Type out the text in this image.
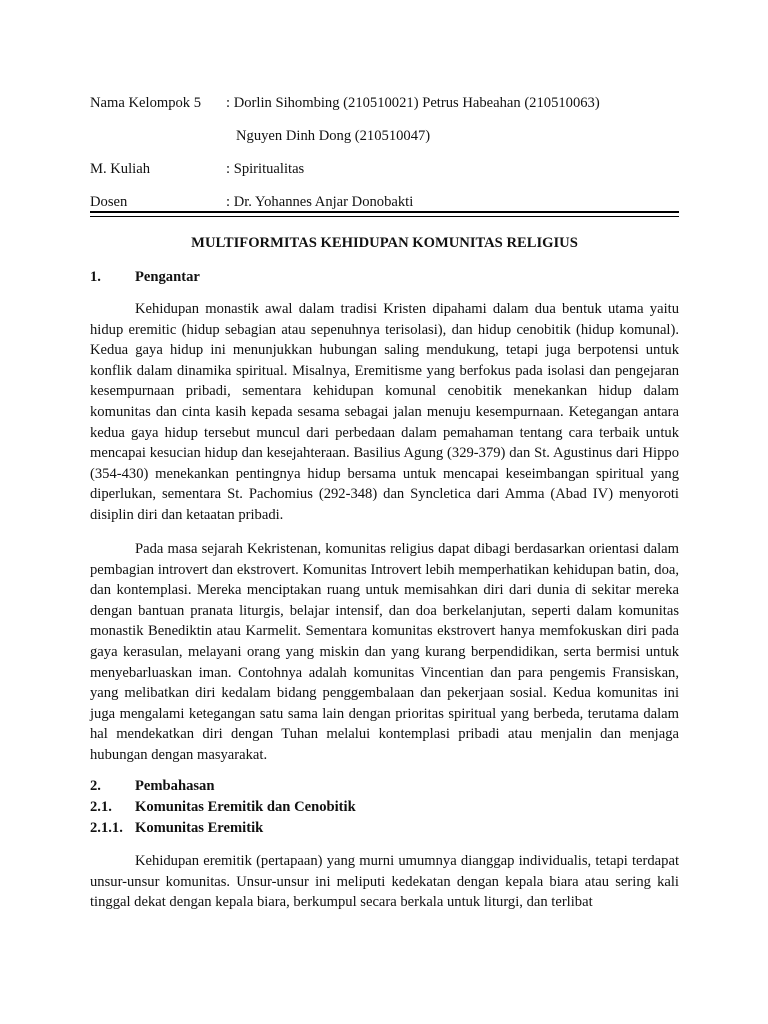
Nama Kelompok 5 : Dorlin Sihombing (210510021) Petrus Habeahan (210510063)
Nguyen Dinh Dong (210510047)
M. Kuliah	: Spiritualitas
Dosen	: Dr. Yohannes Anjar Donobakti
MULTIFORMITAS KEHIDUPAN KOMUNITAS RELIGIUS
1. Pengantar

Kehidupan monastik awal dalam tradisi Kristen dipahami dalam dua bentuk utama yaitu hidup eremitic (hidup sebagian atau sepenuhnya terisolasi), dan hidup cenobitik (hidup komunal). Kedua gaya hidup ini menunjukkan hubungan saling mendukung, tetapi juga berpotensi untuk konflik dalam dinamika spiritual. Misalnya, Eremitisme yang berfokus pada isolasi dan pengejaran kesempurnaan pribadi, sementara kehidupan komunal cenobitik menekankan hidup dalam komunitas dan cinta kasih kepada sesama sebagai jalan menuju kesempurnaan. Ketegangan antara kedua gaya hidup tersebut muncul dari perbedaan dalam pemahaman tentang cara terbaik untuk mencapai kesucian hidup dan kesejahteraan. Basilius Agung (329-379) dan St. Agustinus dari Hippo (354-430) menekankan pentingnya hidup bersama untuk mencapai keseimbangan spiritual yang diperlukan, sementara St. Pachomius (292-348) dan Syncletica dari Amma (Abad IV) menyoroti disiplin diri dan ketaatan pribadi.

Pada masa sejarah Kekristenan, komunitas religius dapat dibagi berdasarkan orientasi dalam pembagian introvert dan ekstrovert. Komunitas Introvert lebih memperhatikan kehidupan batin, doa, dan kontemplasi. Mereka menciptakan ruang untuk memisahkan diri dari dunia di sekitar mereka dengan bantuan pranata liturgis, belajar intensif, dan doa berkelanjutan, seperti dalam komunitas monastik Benediktin atau Karmelit. Sementara komunitas ekstrovert hanya memfokuskan diri pada gaya kerasulan, melayani orang yang miskin dan yang kurang berpendidikan, serta bermisi untuk menyebarluaskan iman. Contohnya adalah komunitas Vincentian dan para pengemis Fransiskan, yang melibatkan diri kedalam bidang penggembalaan dan pekerjaan sosial. Kedua komunitas ini juga mengalami ketegangan satu sama lain dengan prioritas spiritual yang berbeda, terutama dalam hal mendekatkan diri dengan Tuhan melalui kontemplasi pribadi atau menjalin dan menjaga hubungan dengan masyarakat.

2. Pembahasan
2.1. Komunitas Eremitik dan Cenobitik
2.1.1. Komunitas Eremitik

Kehidupan eremitik (pertapaan) yang murni umumnya dianggap individualis, tetapi terdapat unsur-unsur komunitas. Unsur-unsur ini meliputi kedekatan dengan kepala biara atau sering kali tinggal dekat dengan kepala biara, berkumpul secara berkala untuk liturgi, dan terlibat
